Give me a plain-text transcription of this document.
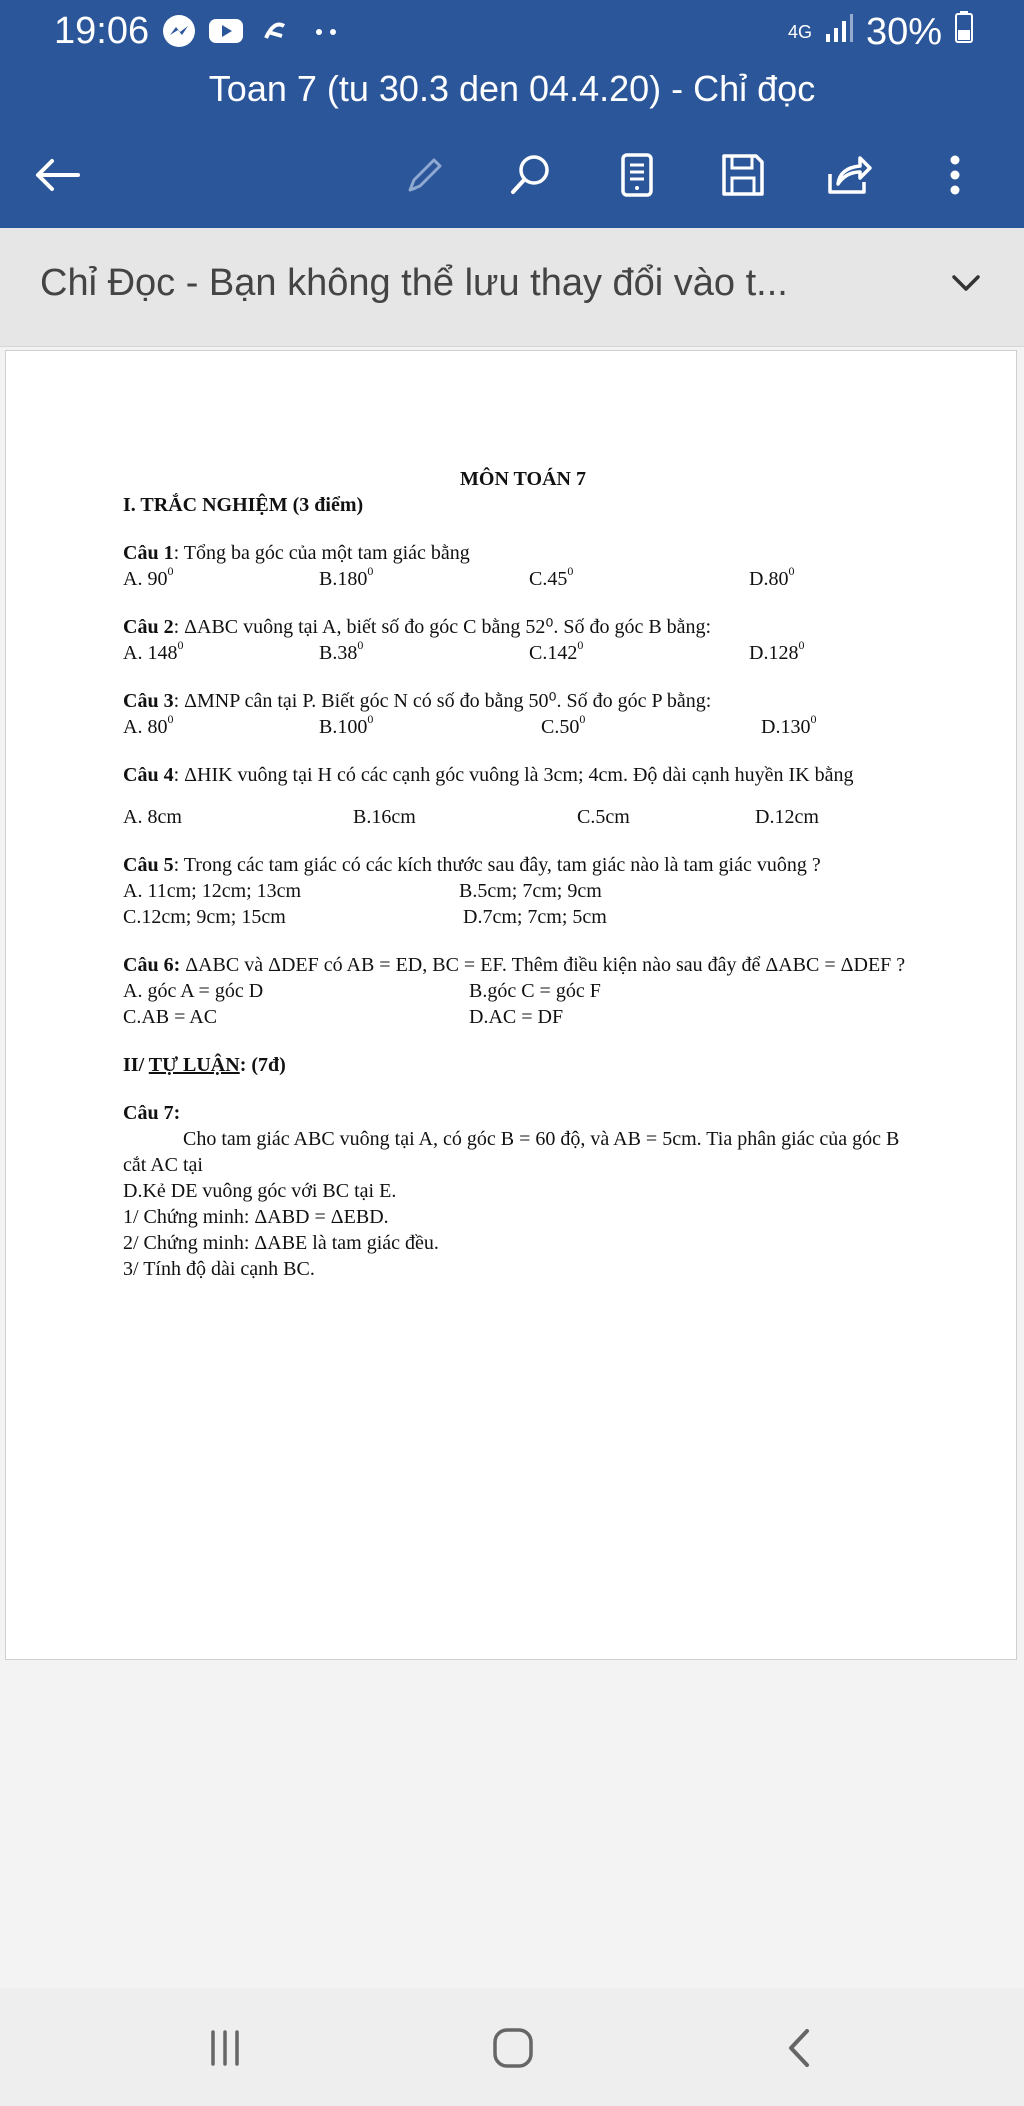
19:06	4G 30%
Toan 7 (tu 30.3 den 04.4.20) - Chỉ đọc
Chỉ Đọc - Bạn không thể lưu thay đổi vào t...
MÔN TOÁN 7
I. TRẮC NGHIỆM (3 điểm)
Câu 1: Tổng ba góc của một tam giác bằng
A. $90^0$	B.180$^0$	$C.45^0$	$D.80^0$
Câu 2: ΔABC vuông tại A, biết số đo góc C bằng 52⁰. Số đo góc B bằng:
A. $148^0$	$B.38^0$	C.142$^0$	D.128$^0$
Câu 3: ΔMNP cân tại P. Biết góc N có số đo bằng 50⁰. Số đo góc P bằng:
A. $80^0$	B.100$^0$	$C.50^0$	D.130$^0$
Câu 4: ΔHIK vuông tại H có các cạnh góc vuông là 3cm; 4cm. Độ dài cạnh huyền IK bằng
A. 8cm	B.16cm	C.5cm	D.12cm
Câu 5: Trong các tam giác có các kích thước sau đây, tam giác nào là tam giác vuông ?
A. 11cm; 12cm; 13cm	B.5cm; 7cm; 9cm
C.12cm; 9cm; 15cm	D.7cm; 7cm; 5cm
Câu 6: ΔABC và ΔDEF có AB = ED, BC = EF. Thêm điều kiện nào sau đây để ΔABC = ΔDEF ?
A. góc A = góc D	B.góc C = góc F
C.AB = AC	D.AC = DF
II/ TỰ LUẬN: (7đ)
Câu 7:
Cho tam giác ABC vuông tại A, có góc B = 60 độ, và AB = 5cm. Tia phân giác của góc B cắt AC tại
D.Kẻ DE vuông góc với BC tại E.
1/ Chứng minh: ΔABD = ΔEBD.
2/ Chứng minh: ΔABE là tam giác đều.
3/ Tính độ dài cạnh BC.
